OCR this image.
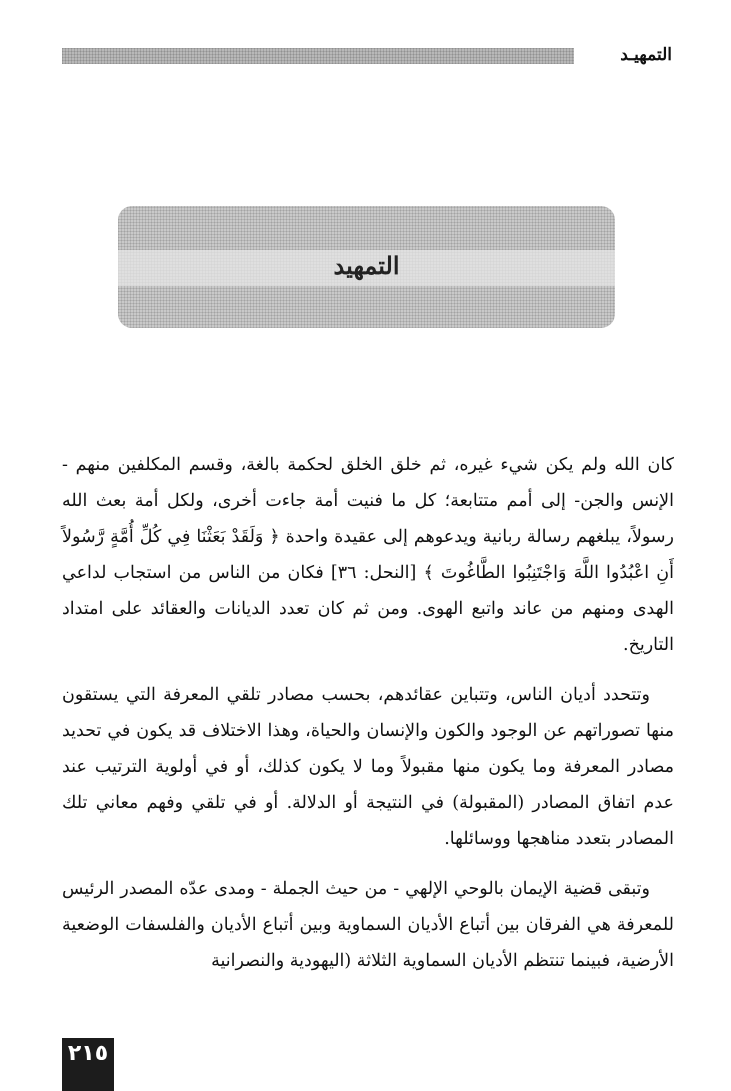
التمهيـد
التمهيد

كان الله ولم يكن شيء غيره، ثم خلق الخلق لحكمة بالغة، وقسم المكلفين منهم - الإنس والجن- إلى أمم متتابعة؛ كل ما فنيت أمة جاءت أخرى، ولكل أمة بعث الله رسولاً، يبلغهم رسالة ربانية ويدعوهم إلى عقيدة واحدة ﴿ وَلَقَدْ بَعَثْنَا فِي كُلِّ أُمَّةٍ رَّسُولاً أَنِ اعْبُدُوا اللَّهَ وَاجْتَنِبُوا الطَّاغُوتَ ﴾ [النحل: ٣٦] فكان من الناس من استجاب لداعي الهدى ومنهم من عاند واتبع الهوى. ومن ثم كان تعدد الديانات والعقائد على امتداد التاريخ.

وتتحدد أديان الناس، وتتباين عقائدهم، بحسب مصادر تلقي المعرفة التي يستقون منها تصوراتهم عن الوجود والكون والإنسان والحياة، وهذا الاختلاف قد يكون في تحديد مصادر المعرفة وما يكون منها مقبولاً وما لا يكون كذلك، أو في أولوية الترتيب عند عدم اتفاق المصادر (المقبولة) في النتيجة أو الدلالة. أو في تلقي وفهم معاني تلك المصادر بتعدد مناهجها ووسائلها.

وتبقى قضية الإيمان بالوحي الإلهي - من حيث الجملة - ومدى عدّه المصدر الرئيس للمعرفة هي الفرقان بين أتباع الأديان السماوية وبين أتباع الأديان والفلسفات الوضعية الأرضية، فبينما تنتظم الأديان السماوية الثلاثة (اليهودية والنصرانية

٢١٥
